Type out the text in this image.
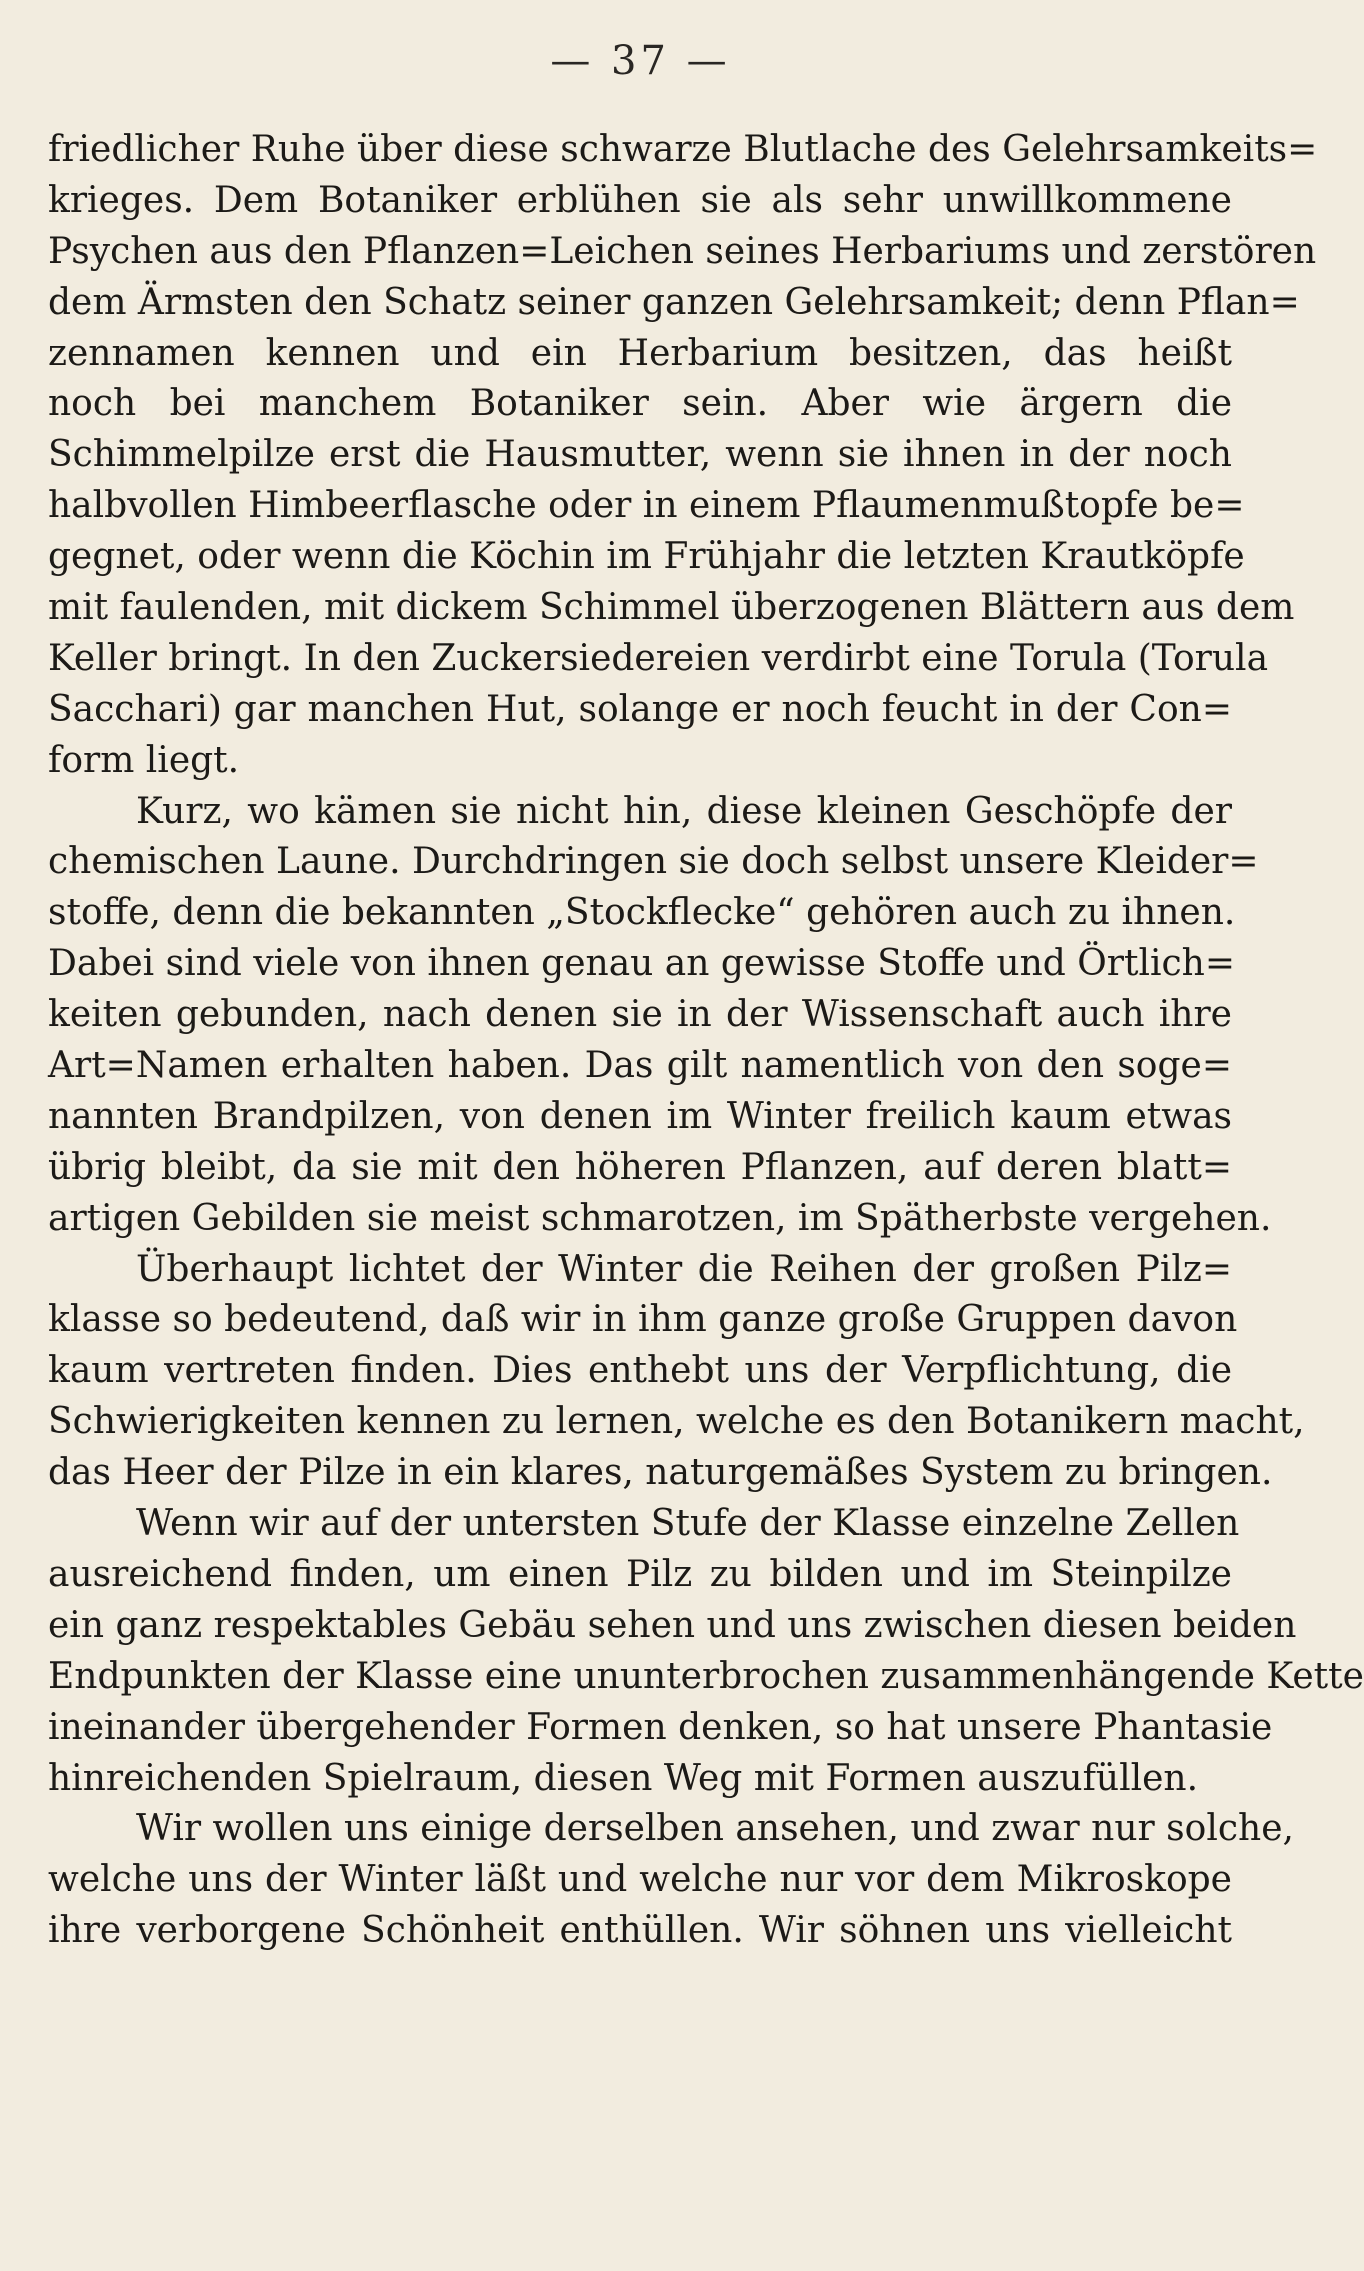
— 37 —
friedlicher Ruhe über diese schwarze Blutlache des Gelehrsamkeits=
krieges. Dem Botaniker erblühen sie als sehr unwillkommene
Psychen aus den Pflanzen=Leichen seines Herbariums und zerstören
dem Ärmsten den Schatz seiner ganzen Gelehrsamkeit; denn Pflan=
zennamen kennen und ein Herbarium besitzen, das heißt
noch bei manchem Botaniker sein. Aber wie ärgern die
Schimmelpilze erst die Hausmutter, wenn sie ihnen in der noch
halbvollen Himbeerflasche oder in einem Pflaumenmußtopfe be=
gegnet, oder wenn die Köchin im Frühjahr die letzten Krautköpfe
mit faulenden, mit dickem Schimmel überzogenen Blättern aus dem
Keller bringt. In den Zuckersiedereien verdirbt eine Torula (Torula
Sacchari) gar manchen Hut, solange er noch feucht in der Con=
form liegt.
Kurz, wo kämen sie nicht hin, diese kleinen Geschöpfe der
chemischen Laune. Durchdringen sie doch selbst unsere Kleider=
stoffe, denn die bekannten „Stockflecke“ gehören auch zu ihnen.
Dabei sind viele von ihnen genau an gewisse Stoffe und Örtlich=
keiten gebunden, nach denen sie in der Wissenschaft auch ihre
Art=Namen erhalten haben. Das gilt namentlich von den soge=
nannten Brandpilzen, von denen im Winter freilich kaum etwas
übrig bleibt, da sie mit den höheren Pflanzen, auf deren blatt=
artigen Gebilden sie meist schmarotzen, im Spätherbste vergehen.
Überhaupt lichtet der Winter die Reihen der großen Pilz=
klasse so bedeutend, daß wir in ihm ganze große Gruppen davon
kaum vertreten finden. Dies enthebt uns der Verpflichtung, die
Schwierigkeiten kennen zu lernen, welche es den Botanikern macht,
das Heer der Pilze in ein klares, naturgemäßes System zu bringen.
Wenn wir auf der untersten Stufe der Klasse einzelne Zellen
ausreichend finden, um einen Pilz zu bilden und im Steinpilze
ein ganz respektables Gebäu sehen und uns zwischen diesen beiden
Endpunkten der Klasse eine ununterbrochen zusammenhängende Kette
ineinander übergehender Formen denken, so hat unsere Phantasie
hinreichenden Spielraum, diesen Weg mit Formen auszufüllen.
Wir wollen uns einige derselben ansehen, und zwar nur solche,
welche uns der Winter läßt und welche nur vor dem Mikroskope
ihre verborgene Schönheit enthüllen. Wir söhnen uns vielleicht
